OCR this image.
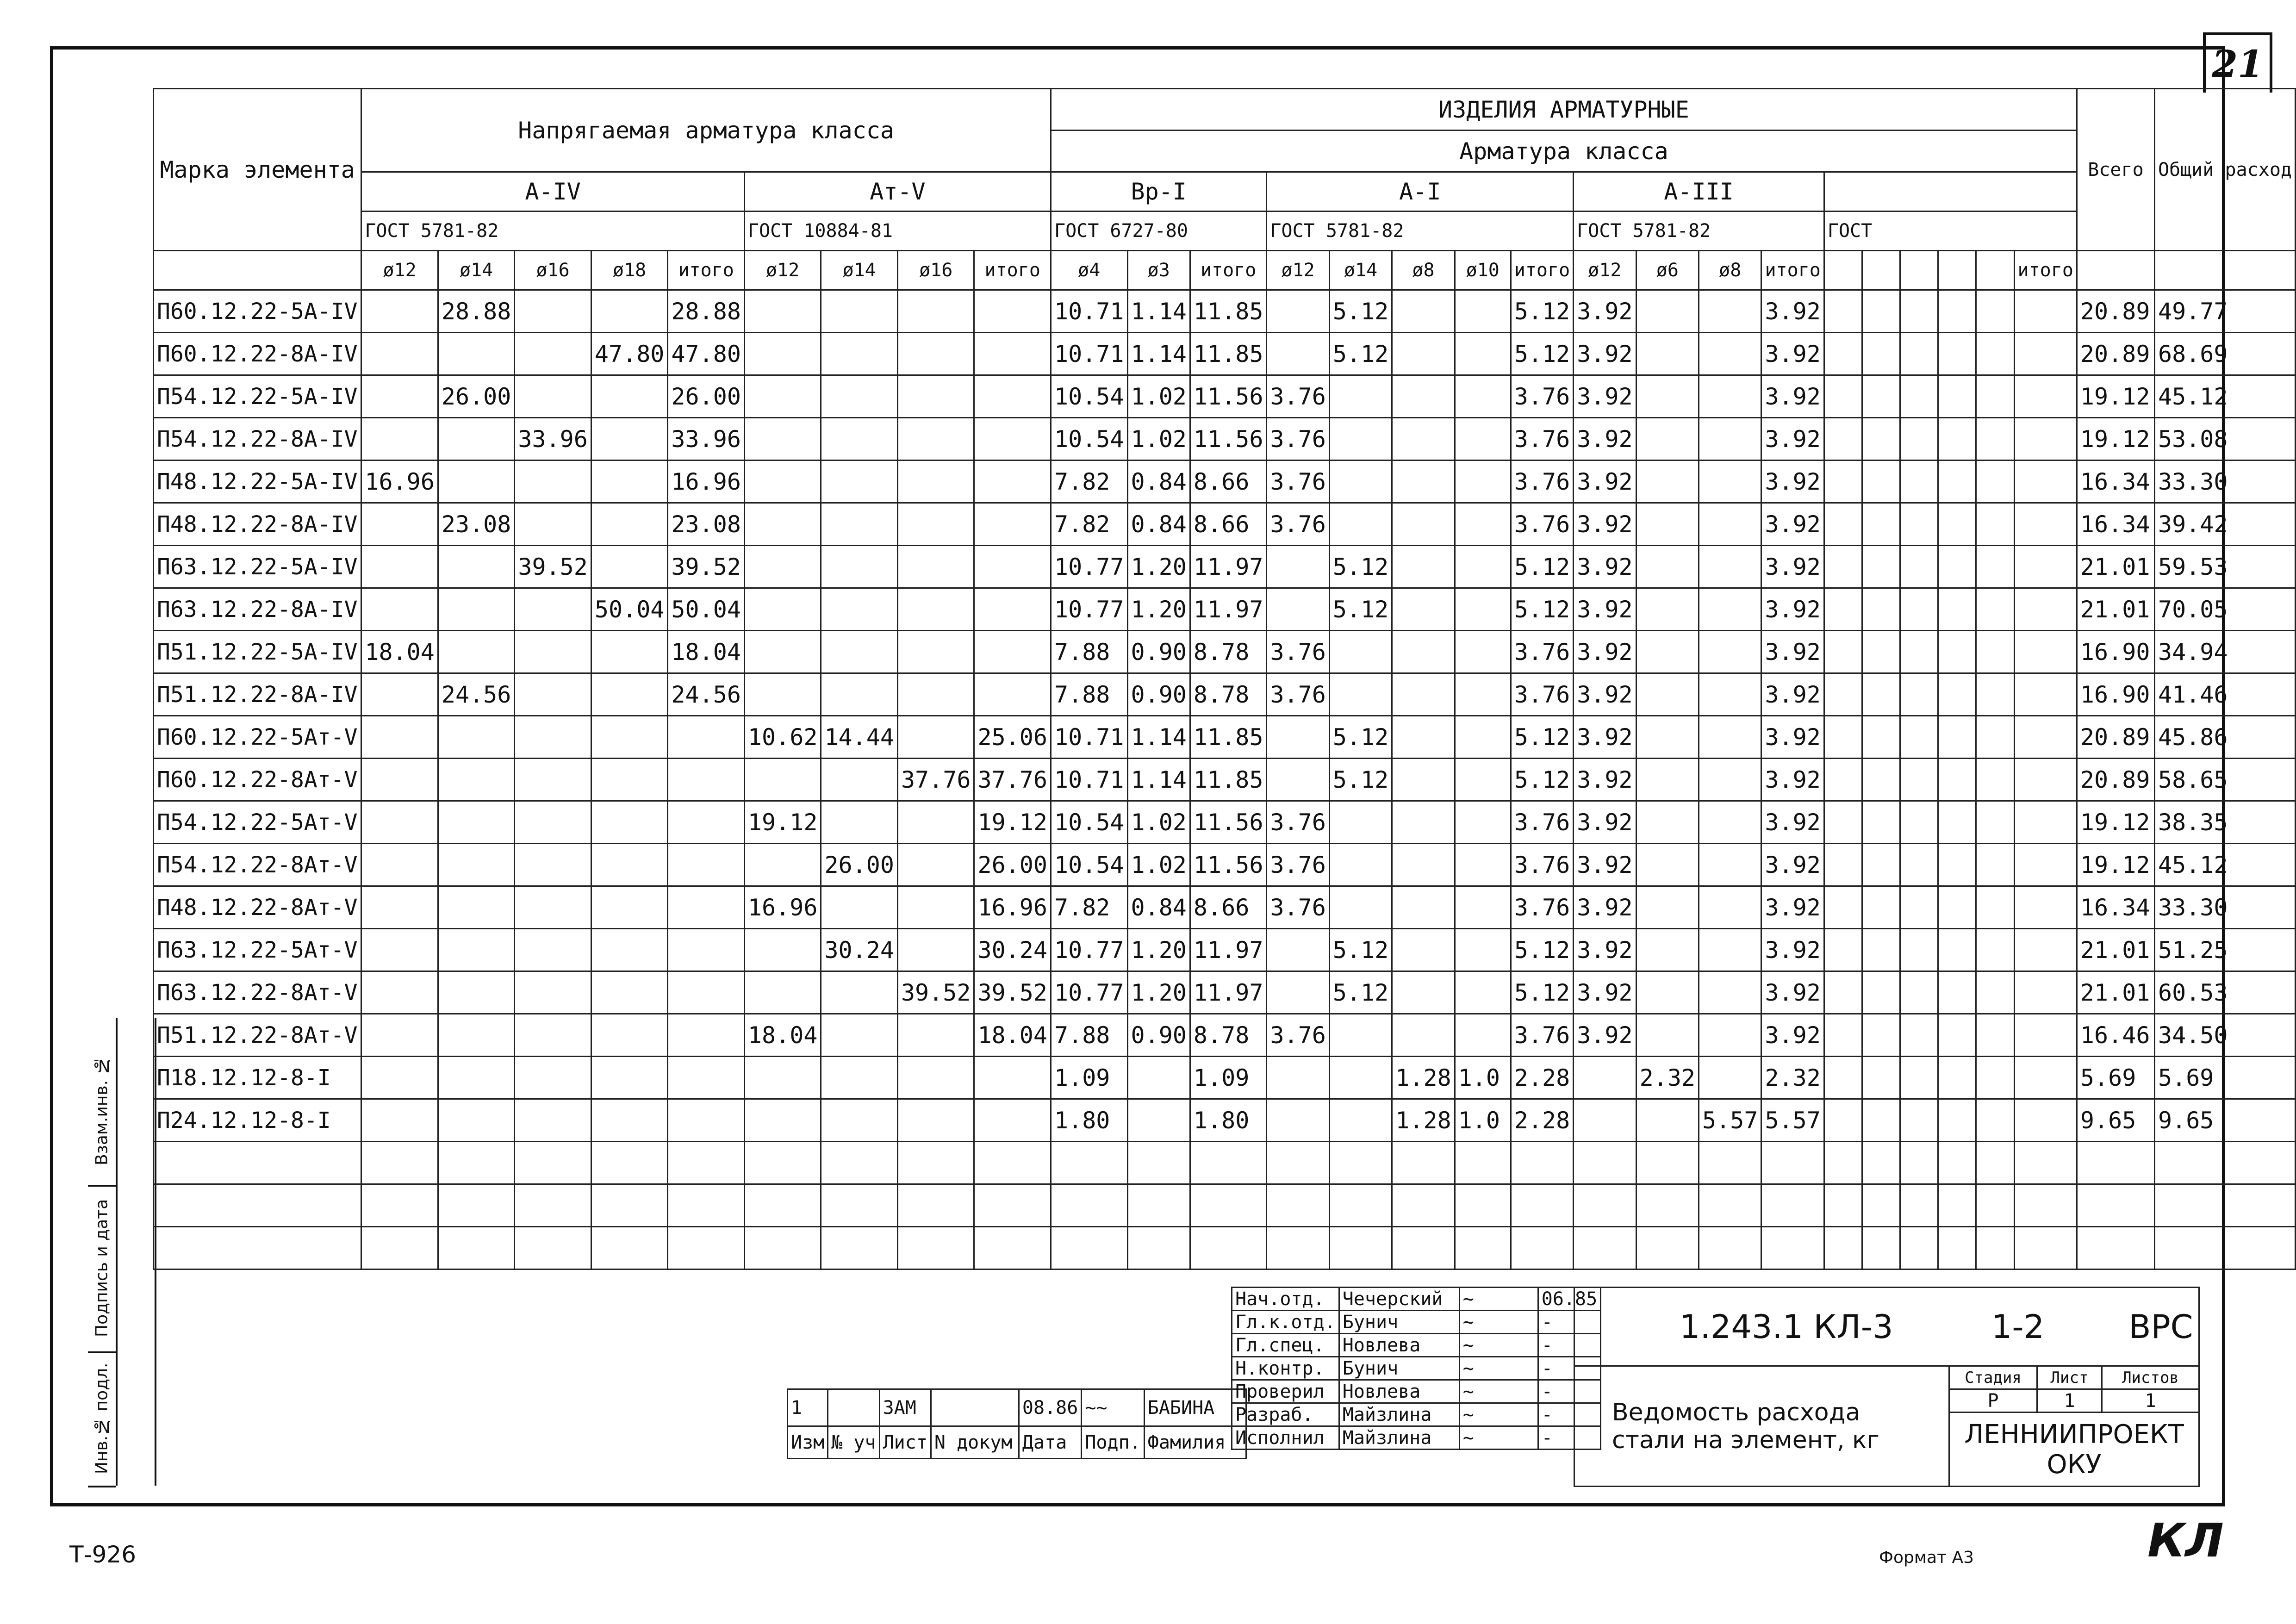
21
Инв.№ подл.
Подпись и дата
Взам.инв. №
Марка элемента	Напрягаемая арматура класса									ИЗДЕЛИЯ АРМАТУРНЫЕ																		Всего	Общий расход
										Арматура класса																			
	A-IV					Ат-V				Bp-I			A-I					A-III											
	ГОСТ 5781-82					ГОСТ 10884-81				ГОСТ 6727-80			ГОСТ 5781-82					ГОСТ 5781-82				ГОСТ							
	ø12	ø14	ø16	ø18	итого	ø12	ø14	ø16	итого	ø4	ø3	итого	ø12	ø14	ø8	ø10	итого	ø12	ø6	ø8	итого						итого		
П60.12.22-5A-IV		28.88			28.88					10.71	1.14	11.85		5.12			5.12	3.92			3.92							20.89	49.77
П60.12.22-8A-IV				47.80	47.80					10.71	1.14	11.85		5.12			5.12	3.92			3.92							20.89	68.69
П54.12.22-5A-IV		26.00			26.00					10.54	1.02	11.56	3.76				3.76	3.92			3.92							19.12	45.12
П54.12.22-8A-IV			33.96		33.96					10.54	1.02	11.56	3.76				3.76	3.92			3.92							19.12	53.08
П48.12.22-5A-IV	16.96				16.96					7.82	0.84	8.66	3.76				3.76	3.92			3.92							16.34	33.30
П48.12.22-8A-IV		23.08			23.08					7.82	0.84	8.66	3.76				3.76	3.92			3.92							16.34	39.42
П63.12.22-5A-IV			39.52		39.52					10.77	1.20	11.97		5.12			5.12	3.92			3.92							21.01	59.53
П63.12.22-8A-IV				50.04	50.04					10.77	1.20	11.97		5.12			5.12	3.92			3.92							21.01	70.05
П51.12.22-5A-IV	18.04				18.04					7.88	0.90	8.78	3.76				3.76	3.92			3.92							16.90	34.94
П51.12.22-8A-IV		24.56			24.56					7.88	0.90	8.78	3.76				3.76	3.92			3.92							16.90	41.46
П60.12.22-5Aт-V						10.62	14.44		25.06	10.71	1.14	11.85		5.12			5.12	3.92			3.92							20.89	45.86
П60.12.22-8Aт-V								37.76	37.76	10.71	1.14	11.85		5.12			5.12	3.92			3.92							20.89	58.65
П54.12.22-5Aт-V						19.12			19.12	10.54	1.02	11.56	3.76				3.76	3.92			3.92							19.12	38.35
П54.12.22-8Aт-V							26.00		26.00	10.54	1.02	11.56	3.76				3.76	3.92			3.92							19.12	45.12
П48.12.22-8Aт-V						16.96			16.96	7.82	0.84	8.66	3.76				3.76	3.92			3.92							16.34	33.30
П63.12.22-5Aт-V							30.24		30.24	10.77	1.20	11.97		5.12			5.12	3.92			3.92							21.01	51.25
П63.12.22-8Aт-V								39.52	39.52	10.77	1.20	11.97		5.12			5.12	3.92			3.92							21.01	60.53
П51.12.22-8Aт-V						18.04			18.04	7.88	0.90	8.78	3.76				3.76	3.92			3.92							16.46	34.50
П18.12.12-8-I										1.09		1.09			1.28	1.0	2.28		2.32		2.32							5.69	5.69
П24.12.12-8-I										1.80		1.80			1.28	1.0	2.28			5.57	5.57							9.65	9.65

1		ЗАМ		08.86	~~	БАБИНА
Изм	№ уч	Лист	N докум	Дата	Подп.	Фамилия
Нач.отд.	Чечерский	~	06.85
Гл.к.отд.	Бунич	~	-
Гл.спец.	Новлева	~	-
Н.контр.	Бунич	~	-
Проверил	Новлева	~	-
Разраб.	Майзлина	~	-
Исполнил	Майзлина	~	-
1.243.1 КЛ-3 1-2 ВРС			
Ведомость расхода стали на элемент, кг	Стадия	Лист	Листов
	Р	1	1
	ЛЕННИИПРОЕКТ ОКУ		
Т-926	Формат А3	КЛ
